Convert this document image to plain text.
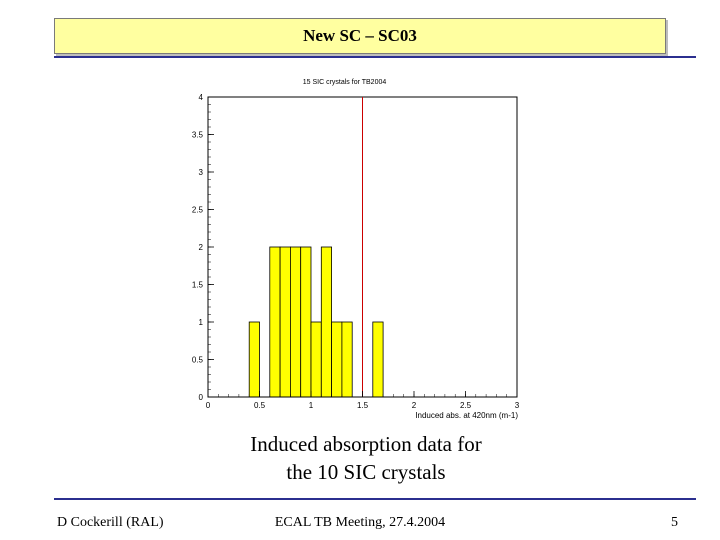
New SC – SC03
15 SIC crystals for TB2004
0
0.5
1
1.5
2
2.5
3
3.5
4
0	0.5	1	1.5	2	2.5	3
Induced abs. at 420nm (m-1)
Induced absorption data for
the 10 SIC crystals
D Cockerill (RAL)	ECAL TB Meeting, 27.4.2004	5
